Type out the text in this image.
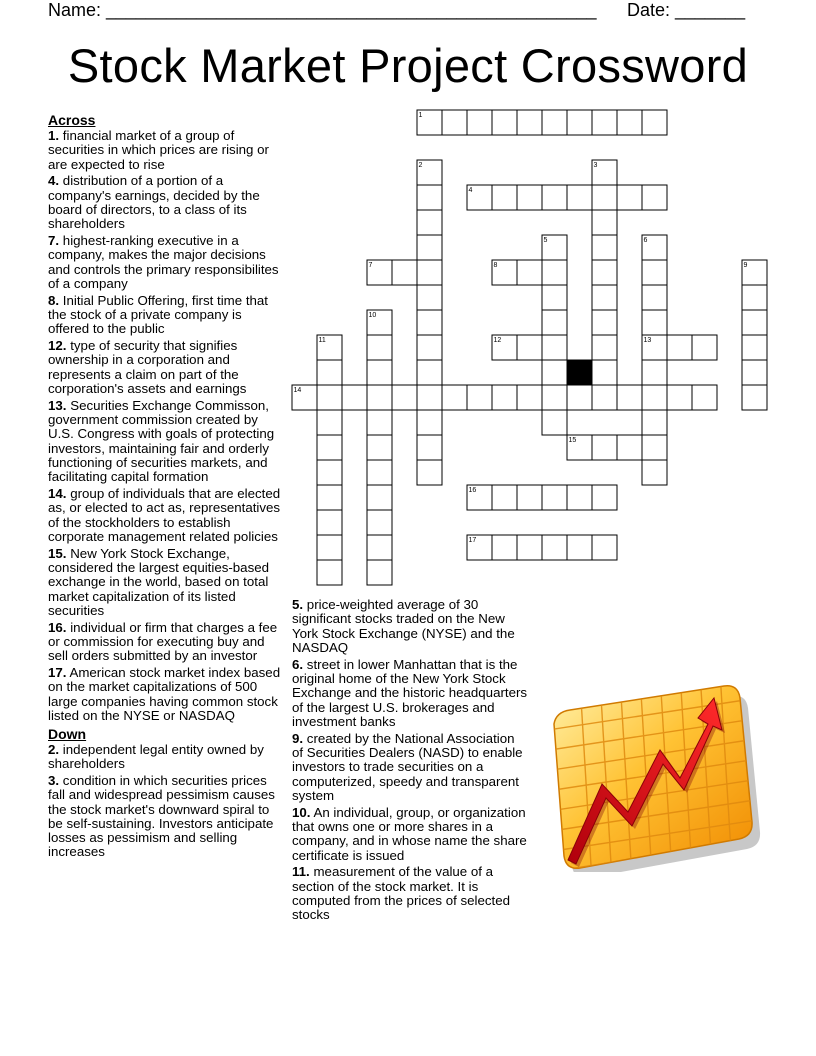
Name: _________________________________________________ Date: _______
Stock Market Project Crossword
Across
1. financial market of a group of securities in which prices are rising or are expected to rise
4. distribution of a portion of a company's earnings, decided by the board of directors, to a class of its shareholders
7. highest-ranking executive in a company, makes the major decisions and controls the primary responsibilites of a company
8. Initial Public Offering, first time that the stock of a private company is offered to the public
12. type of security that signifies ownership in a corporation and represents a claim on part of the corporation's assets and earnings
13. Securities Exchange Commisson, government commission created by U.S. Congress with goals of protecting investors, maintaining fair and orderly functioning of securities markets, and facilitating capital formation
14. group of individuals that are elected as, or elected to act as, representatives of the stockholders to establish corporate management related policies
15. New York Stock Exchange, considered the largest equities-based exchange in the world, based on total market capitalization of its listed securities
16. individual or firm that charges a fee or commission for executing buy and sell orders submitted by an investor
17. American stock market index based on the market capitalizations of 500 large companies having common stock listed on the NYSE or NASDAQ
Down
2. independent legal entity owned by shareholders
3. condition in which securities prices fall and widespread pessimism causes the stock market's downward spiral to be self-sustaining. Investors anticipate losses as pessimism and selling increases
5. price-weighted average of 30 significant stocks traded on the New York Stock Exchange (NYSE) and the NASDAQ
6. street in lower Manhattan that is the original home of the New York Stock Exchange and the historic headquarters of the largest U.S. brokerages and investment banks
9. created by the National Association of Securities Dealers (NASD) to enable investors to trade securities on a computerized, speedy and transparent system
10. An individual, group, or organization that owns one or more shares in a company, and in whose name the share certificate is issued
11. measurement of the value of a section of the stock market. It is computed from the prices of selected stocks
1
2	3
4
5	6
7	8	9
10
11	12	13
14
15
16
17
